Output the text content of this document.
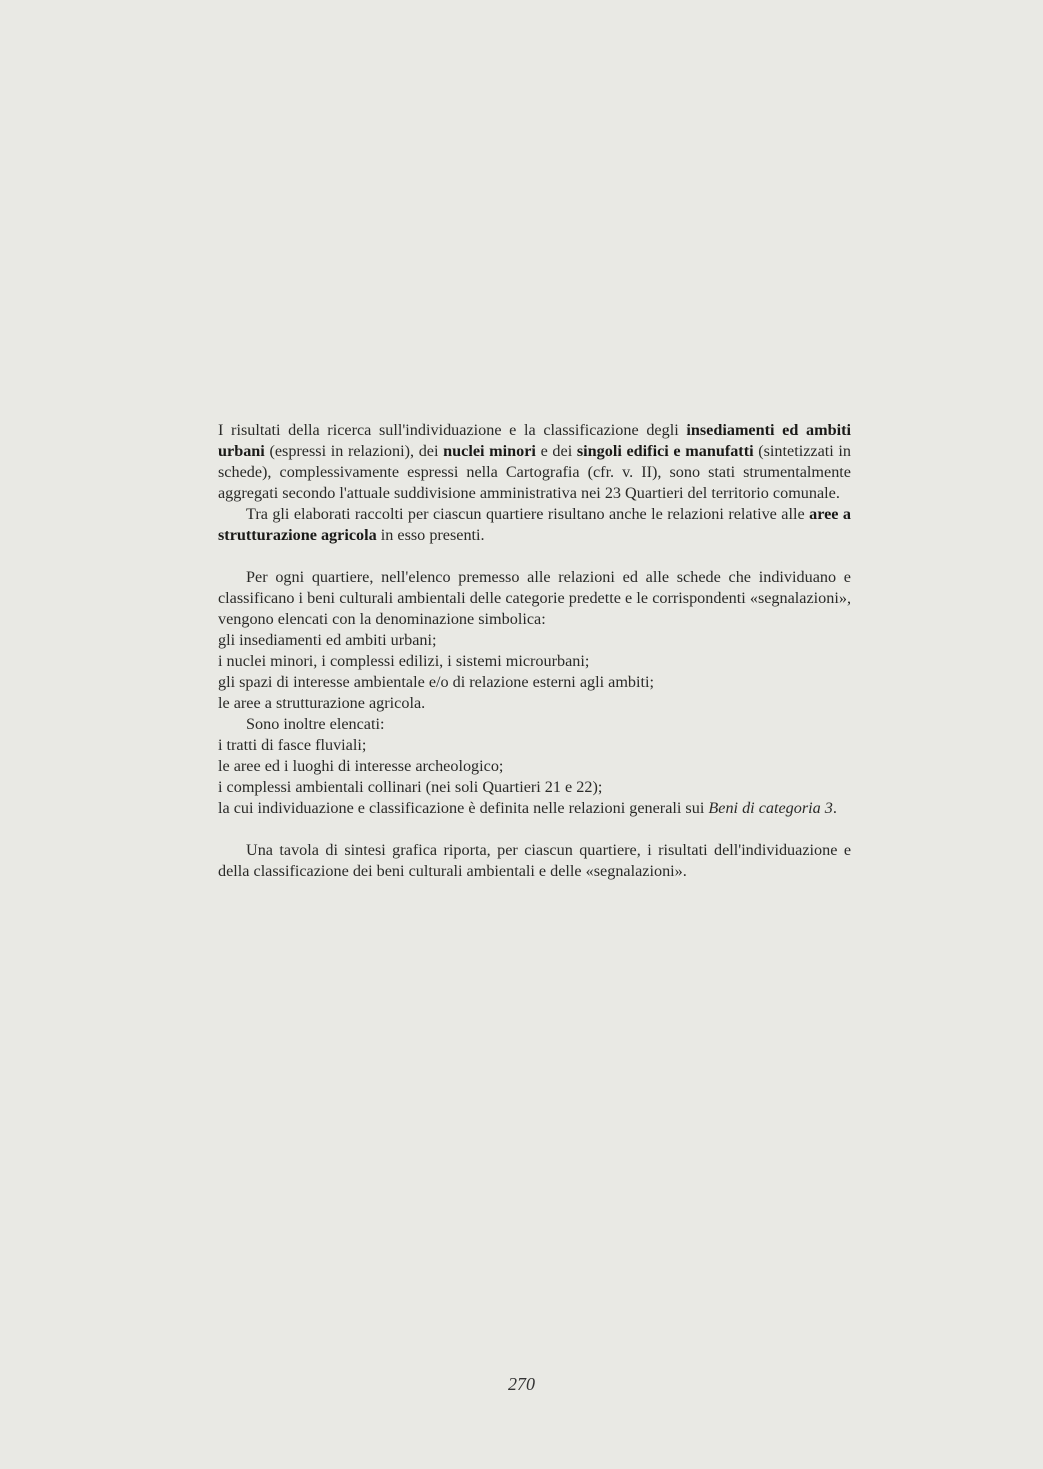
I risultati della ricerca sull'individuazione e la classificazione degli insediamenti ed ambiti urbani (espressi in relazioni), dei nuclei minori e dei singoli edifici e manufatti (sintetizzati in schede), complessivamente espressi nella Cartografia (cfr. v. II), sono stati strumentalmente aggregati secondo l'attuale suddivisione amministrativa nei 23 Quartieri del territorio comunale.

Tra gli elaborati raccolti per ciascun quartiere risultano anche le relazioni relative alle aree a strutturazione agricola in esso presenti.

Per ogni quartiere, nell'elenco premesso alle relazioni ed alle schede che individuano e classificano i beni culturali ambientali delle categorie predette e le corrispondenti «segnalazioni», vengono elencati con la denominazione simbolica:

gli insediamenti ed ambiti urbani;

i nuclei minori, i complessi edilizi, i sistemi microurbani;

gli spazi di interesse ambientale e/o di relazione esterni agli ambiti;

le aree a strutturazione agricola.

Sono inoltre elencati:

i tratti di fasce fluviali;

le aree ed i luoghi di interesse archeologico;

i complessi ambientali collinari (nei soli Quartieri 21 e 22);

la cui individuazione e classificazione è definita nelle relazioni generali sui Beni di categoria 3.

Una tavola di sintesi grafica riporta, per ciascun quartiere, i risultati dell'individuazione e della classificazione dei beni culturali ambientali e delle «segnalazioni».

270
